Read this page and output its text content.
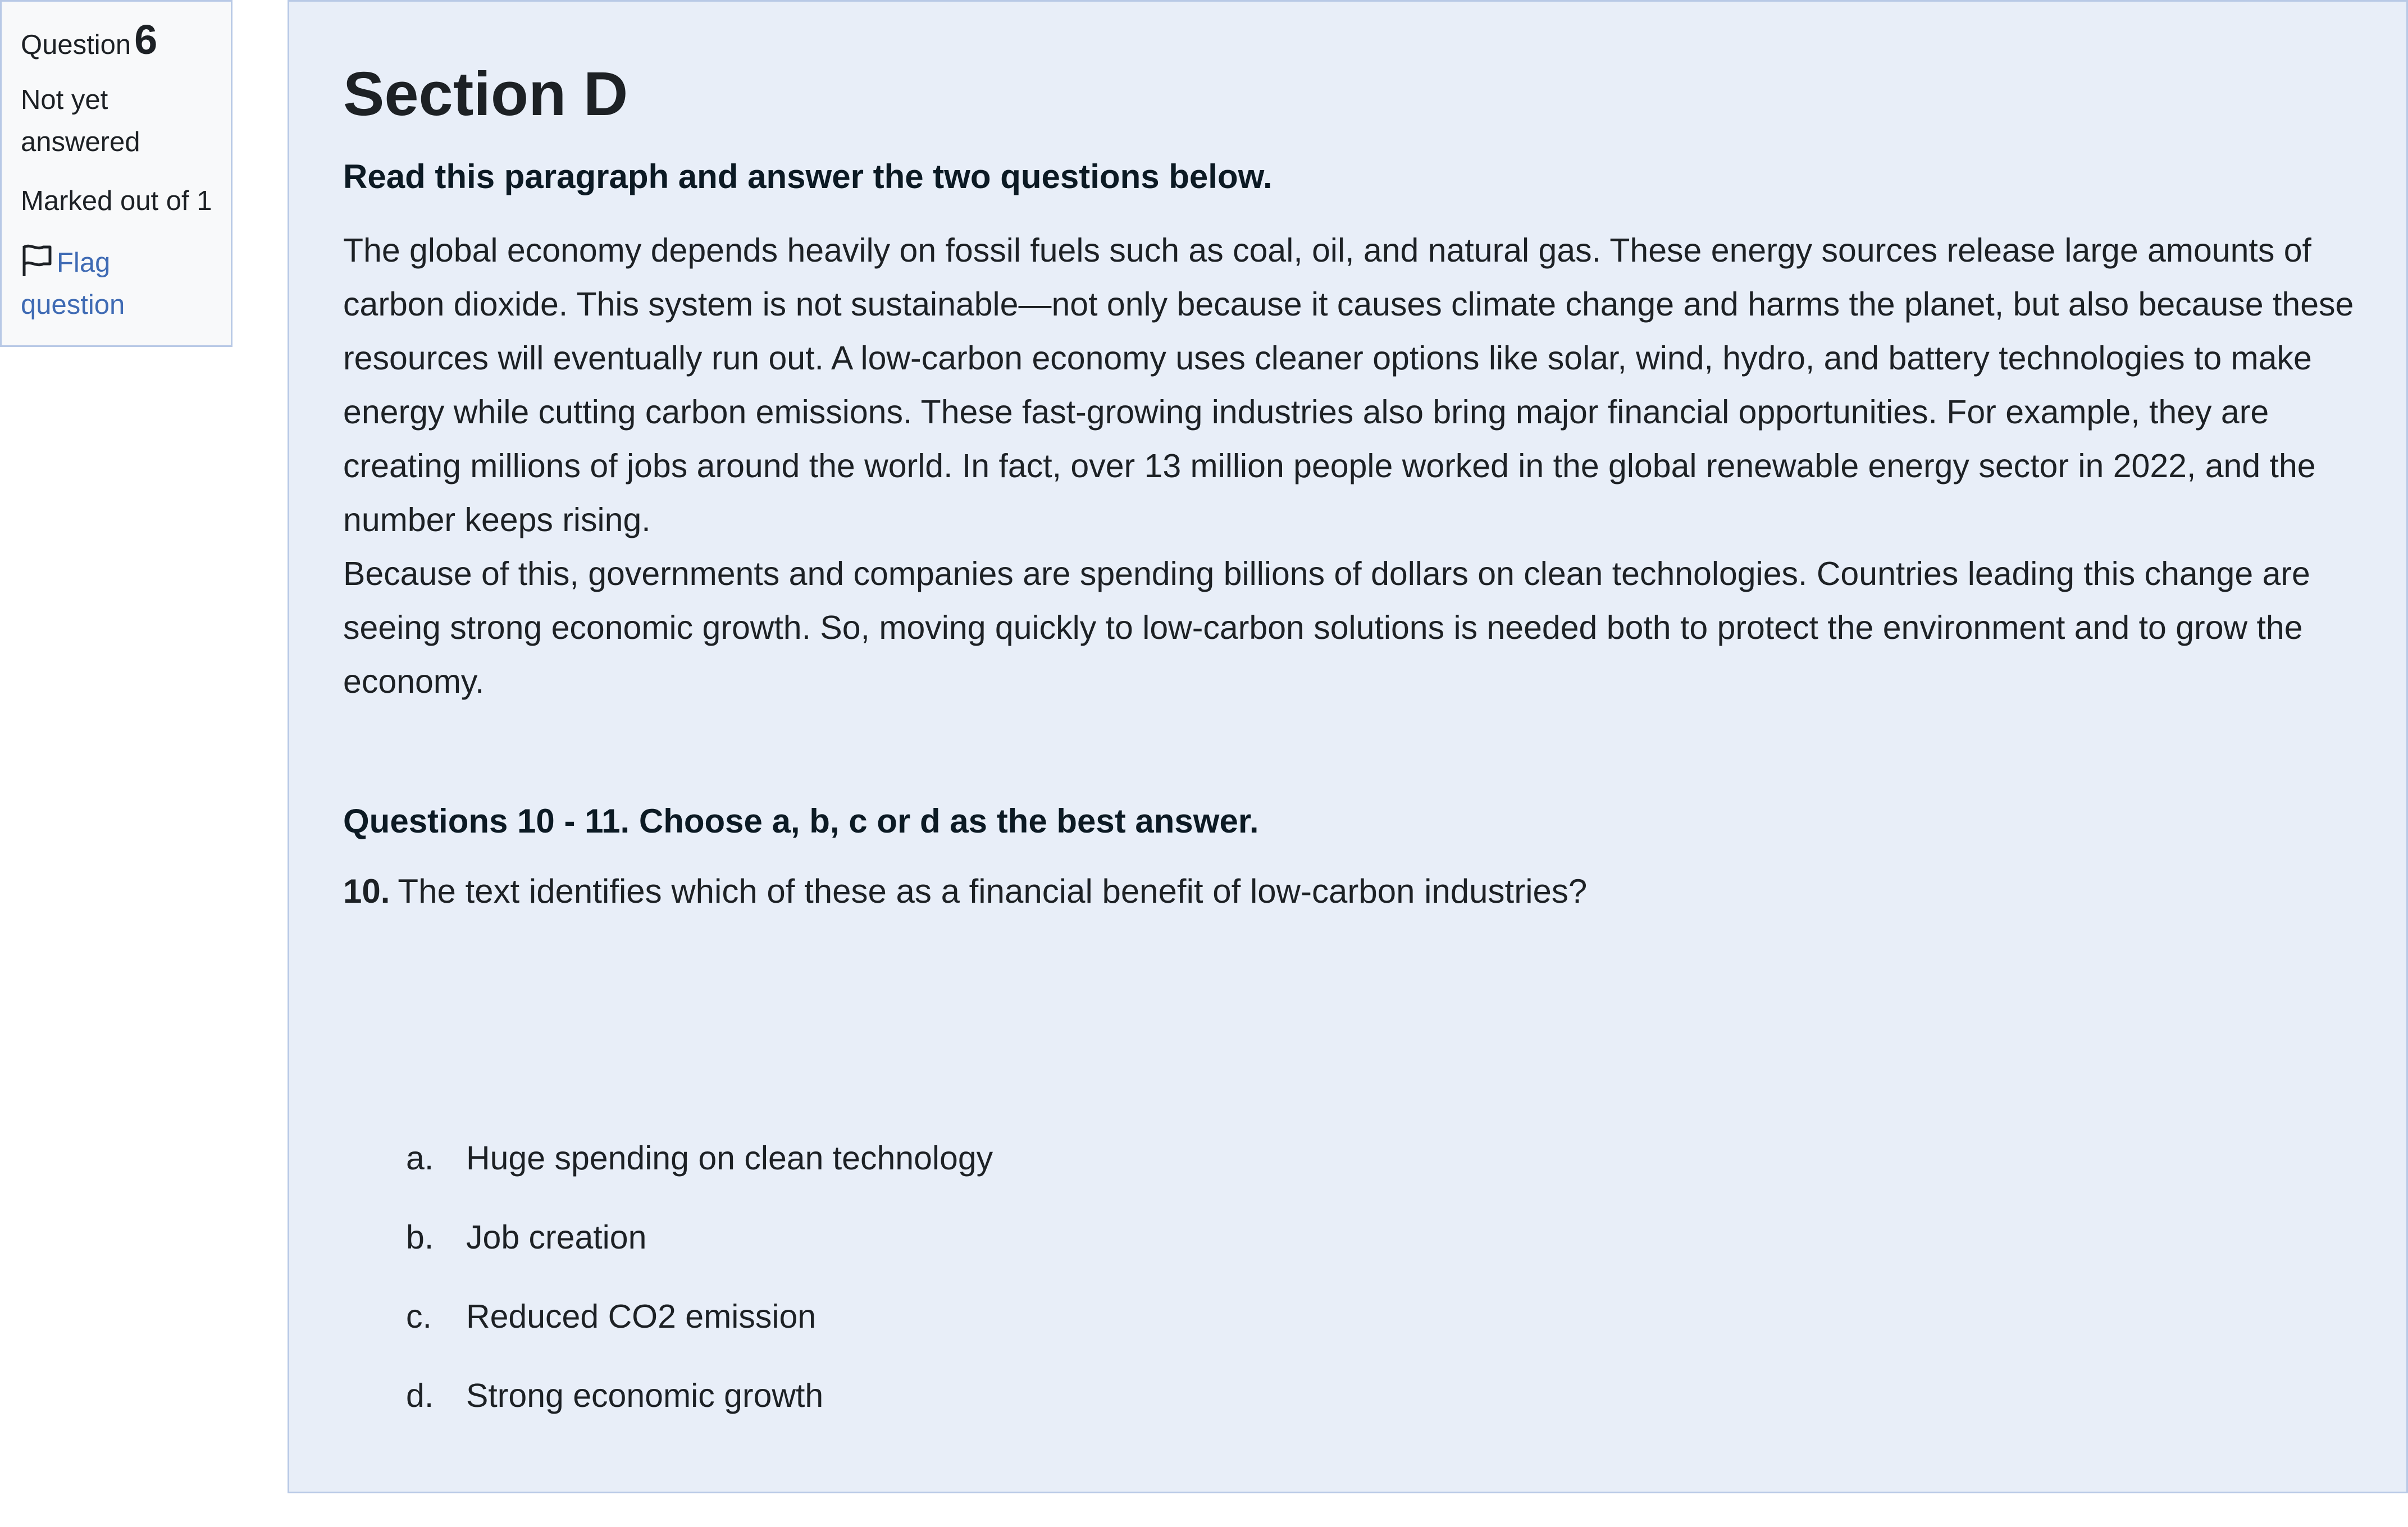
Question6
Not yet answered
Marked out of 1
Flag question
Section D

Read this paragraph and answer the two questions below.

The global economy depends heavily on fossil fuels such as coal, oil, and natural gas. These energy sources release large amounts of carbon dioxide. This system is not sustainable—not only because it causes climate change and harms the planet, but also because these resources will eventually run out. A low-carbon economy uses cleaner options like solar, wind, hydro, and battery technologies to make energy while cutting carbon emissions. These fast-growing industries also bring major financial opportunities. For example, they are creating millions of jobs around the world. In fact, over 13 million people worked in the global renewable energy sector in 2022, and the number keeps rising.

Because of this, governments and companies are spending billions of dollars on clean technologies. Countries leading this change are seeing strong economic growth. So, moving quickly to low-carbon solutions is needed both to protect the environment and to grow the economy.

Questions 10 - 11. Choose a, b, c or d as the best answer.

10. The text identifies which of these as a financial benefit of low-carbon industries?

a. Huge spending on clean technology
b. Job creation
c.	Reduced CO2 emission
d. Strong economic growth
